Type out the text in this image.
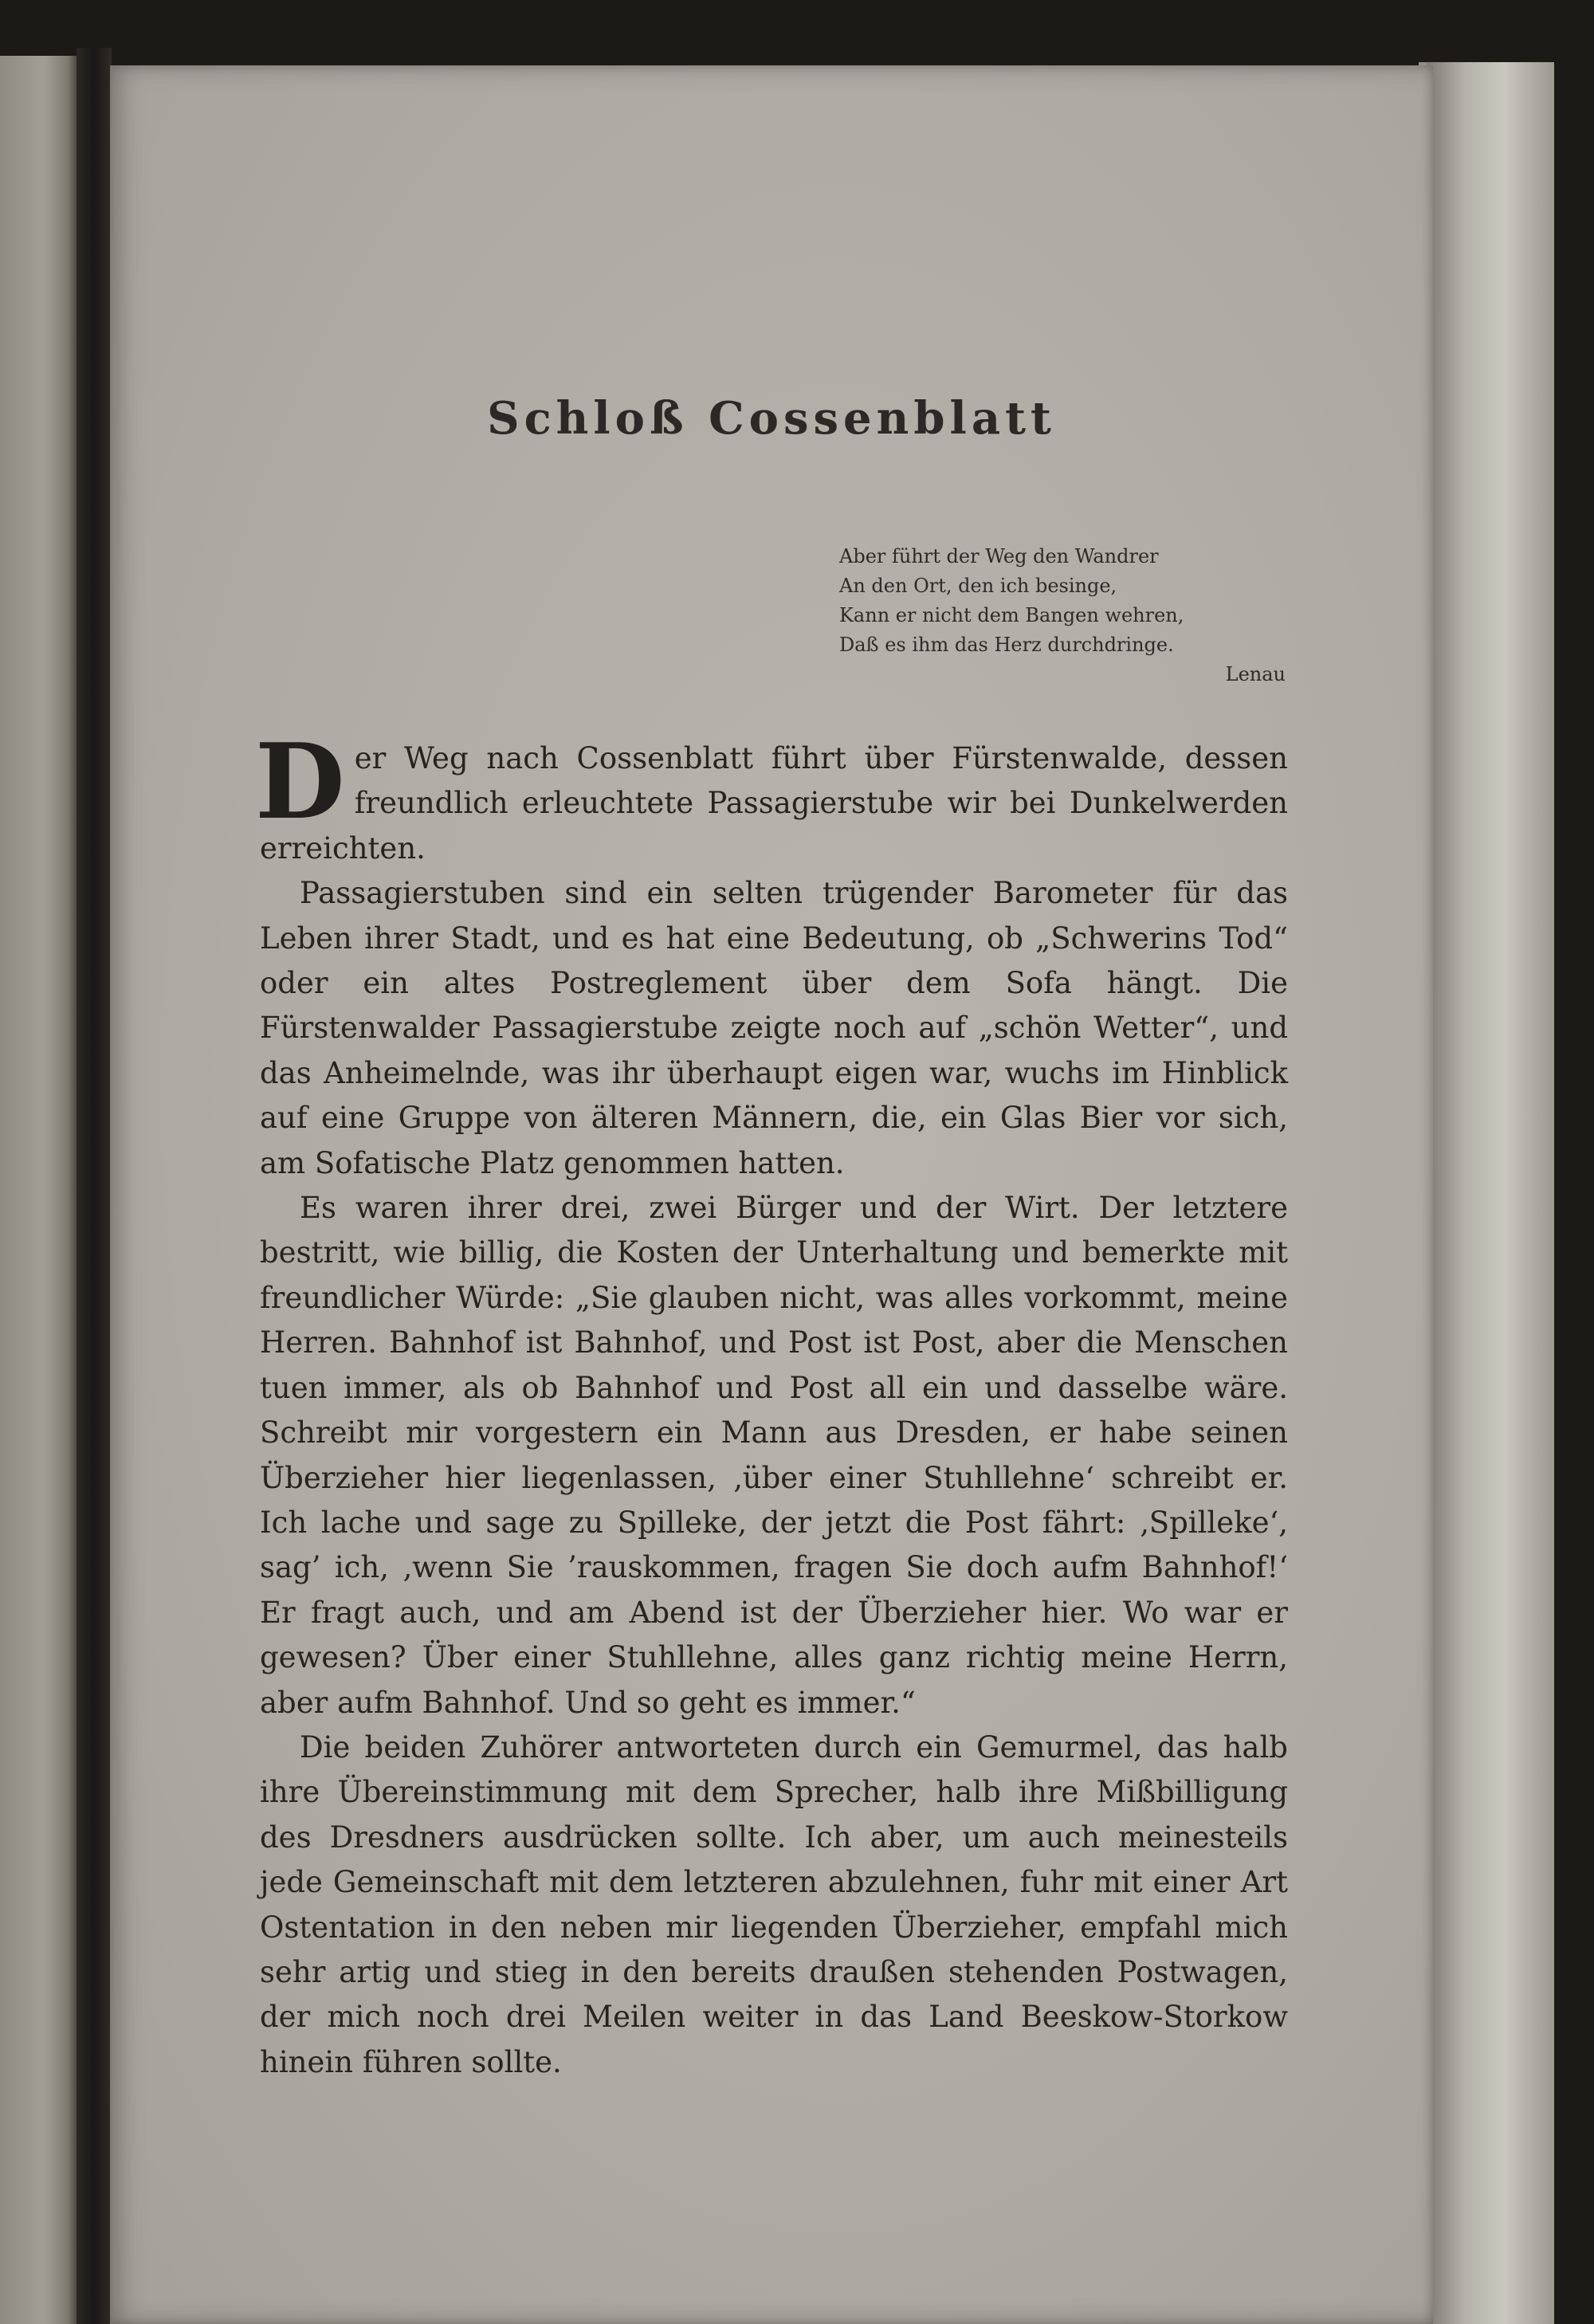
Schloß Cossenblatt
Aber führt der Weg den Wandrer
An den Ort, den ich besinge,
Kann er nicht dem Bangen wehren,
Daß es ihm das Herz durchdringe.
Lenau

Der Weg nach Cossenblatt führt über Fürstenwalde, dessen freundlich erleuchtete Passagierstube wir bei Dunkelwerden erreichten.

Passagierstuben sind ein selten trügender Barometer für das Leben ihrer Stadt, und es hat eine Bedeutung, ob „Schwerins Tod“ oder ein altes Postreglement über dem Sofa hängt. Die Fürstenwalder Passagierstube zeigte noch auf „schön Wetter“, und das Anheimelnde, was ihr überhaupt eigen war, wuchs im Hinblick auf eine Gruppe von älteren Männern, die, ein Glas Bier vor sich, am Sofatische Platz genommen hatten.

Es waren ihrer drei, zwei Bürger und der Wirt. Der letztere bestritt, wie billig, die Kosten der Unterhaltung und bemerkte mit freundlicher Würde: „Sie glauben nicht, was alles vorkommt, meine Herren. Bahnhof ist Bahnhof, und Post ist Post, aber die Menschen tuen immer, als ob Bahnhof und Post all ein und dasselbe wäre. Schreibt mir vorgestern ein Mann aus Dresden, er habe seinen Überzieher hier liegenlassen, ‚über einer Stuhllehne‘ schreibt er. Ich lache und sage zu Spilleke, der jetzt die Post fährt: ‚Spilleke‘, sag’ ich, ‚wenn Sie ’rauskommen, fragen Sie doch aufm Bahnhof!‘ Er fragt auch, und am Abend ist der Überzieher hier. Wo war er gewesen? Über einer Stuhllehne, alles ganz richtig meine Herrn, aber aufm Bahnhof. Und so geht es immer.“

Die beiden Zuhörer antworteten durch ein Gemurmel, das halb ihre Übereinstimmung mit dem Sprecher, halb ihre Mißbilligung des Dresdners ausdrücken sollte. Ich aber, um auch meinesteils jede Gemeinschaft mit dem letzteren abzulehnen, fuhr mit einer Art Ostentation in den neben mir liegenden Überzieher, empfahl mich sehr artig und stieg in den bereits draußen stehenden Postwagen, der mich noch drei Meilen weiter in das Land Beeskow-Storkow hinein führen sollte.
